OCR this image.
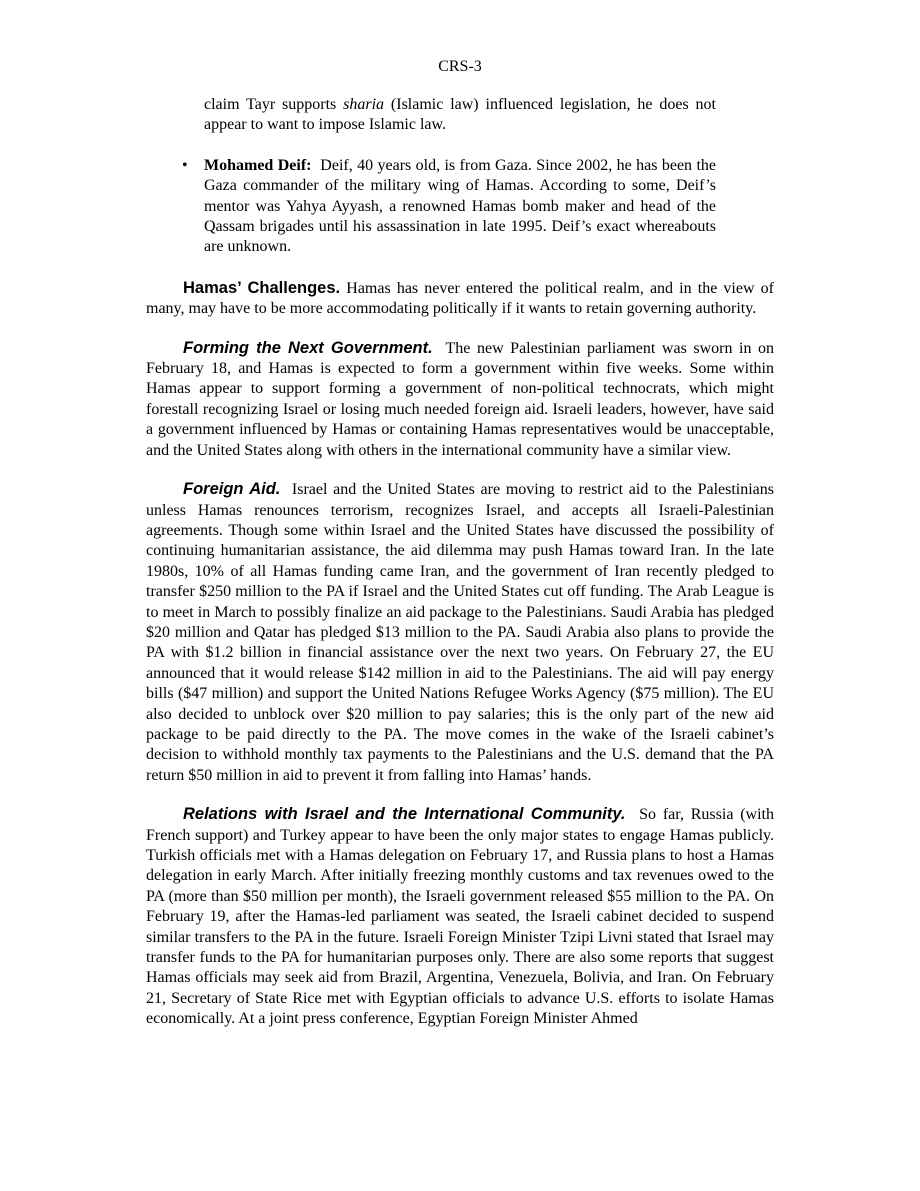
CRS-3

claim Tayr supports sharia (Islamic law) influenced legislation, he does not appear to want to impose Islamic law.

• Mohamed Deif: Deif, 40 years old, is from Gaza. Since 2002, he has been the Gaza commander of the military wing of Hamas. According to some, Deif’s mentor was Yahya Ayyash, a renowned Hamas bomb maker and head of the Qassam brigades until his assassination in late 1995. Deif’s exact whereabouts are unknown.

Hamas’ Challenges. Hamas has never entered the political realm, and in the view of many, may have to be more accommodating politically if it wants to retain governing authority.

Forming the Next Government. The new Palestinian parliament was sworn in on February 18, and Hamas is expected to form a government within five weeks. Some within Hamas appear to support forming a government of non-political technocrats, which might forestall recognizing Israel or losing much needed foreign aid. Israeli leaders, however, have said a government influenced by Hamas or containing Hamas representatives would be unacceptable, and the United States along with others in the international community have a similar view.

Foreign Aid. Israel and the United States are moving to restrict aid to the Palestinians unless Hamas renounces terrorism, recognizes Israel, and accepts all Israeli-Palestinian agreements. Though some within Israel and the United States have discussed the possibility of continuing humanitarian assistance, the aid dilemma may push Hamas toward Iran. In the late 1980s, 10% of all Hamas funding came Iran, and the government of Iran recently pledged to transfer $250 million to the PA if Israel and the United States cut off funding. The Arab League is to meet in March to possibly finalize an aid package to the Palestinians. Saudi Arabia has pledged $20 million and Qatar has pledged $13 million to the PA. Saudi Arabia also plans to provide the PA with $1.2 billion in financial assistance over the next two years. On February 27, the EU announced that it would release $142 million in aid to the Palestinians. The aid will pay energy bills ($47 million) and support the United Nations Refugee Works Agency ($75 million). The EU also decided to unblock over $20 million to pay salaries; this is the only part of the new aid package to be paid directly to the PA. The move comes in the wake of the Israeli cabinet’s decision to withhold monthly tax payments to the Palestinians and the U.S. demand that the PA return $50 million in aid to prevent it from falling into Hamas’ hands.

Relations with Israel and the International Community. So far, Russia (with French support) and Turkey appear to have been the only major states to engage Hamas publicly. Turkish officials met with a Hamas delegation on February 17, and Russia plans to host a Hamas delegation in early March. After initially freezing monthly customs and tax revenues owed to the PA (more than $50 million per month), the Israeli government released $55 million to the PA. On February 19, after the Hamas-led parliament was seated, the Israeli cabinet decided to suspend similar transfers to the PA in the future. Israeli Foreign Minister Tzipi Livni stated that Israel may transfer funds to the PA for humanitarian purposes only. There are also some reports that suggest Hamas officials may seek aid from Brazil, Argentina, Venezuela, Bolivia, and Iran. On February 21, Secretary of State Rice met with Egyptian officials to advance U.S. efforts to isolate Hamas economically. At a joint press conference, Egyptian Foreign Minister Ahmed
